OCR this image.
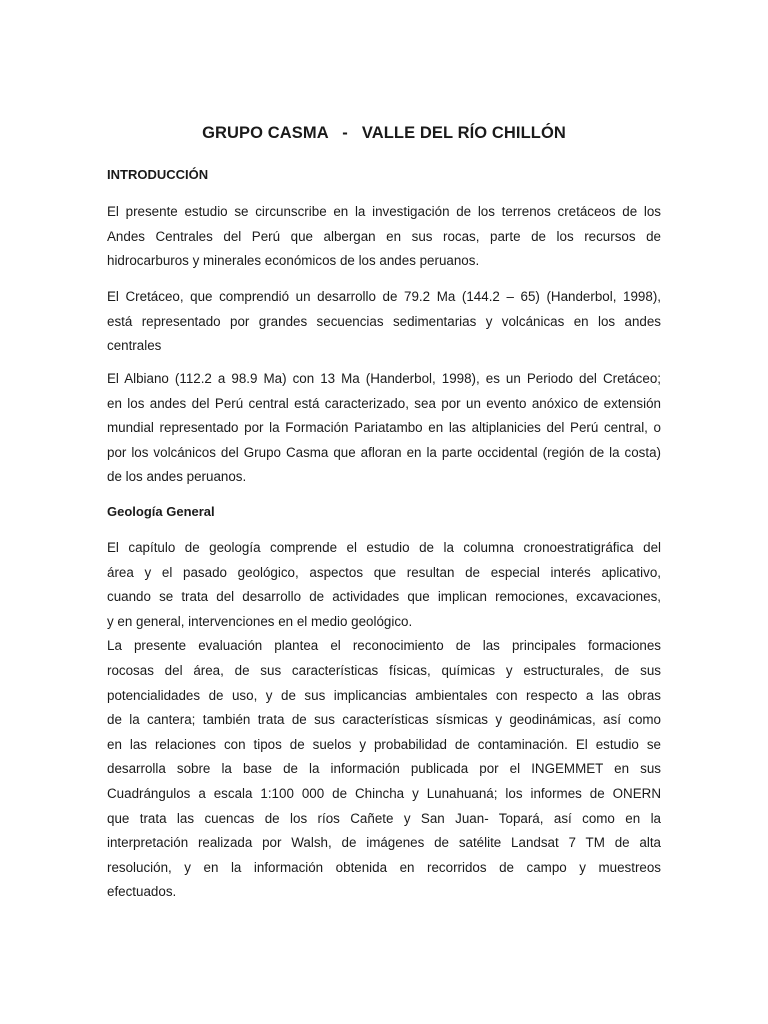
GRUPO CASMA   -   VALLE DEL RÍO CHILLÓN
INTRODUCCIÓN

El presente estudio se circunscribe en la investigación de los terrenos cretáceos de los
Andes Centrales del Perú que albergan en sus rocas, parte de los recursos de
hidrocarburos y minerales económicos de los andes peruanos.

El Cretáceo, que comprendió un desarrollo de 79.2 Ma (144.2 – 65) (Handerbol, 1998),
está representado por grandes secuencias sedimentarias y volcánicas en los andes
centrales

El Albiano (112.2 a 98.9 Ma) con 13 Ma (Handerbol, 1998), es un Periodo del Cretáceo;
en los andes del Perú central está caracterizado, sea por un evento anóxico de extensión
mundial representado por la Formación Pariatambo en las altiplanicies del Perú central, o
por los volcánicos del Grupo Casma que afloran en la parte occidental (región de la costa)
de los andes peruanos.

Geología General

El capítulo de geología comprende el estudio de la columna cronoestratigráfica del
área y el pasado geológico, aspectos que resultan de especial interés aplicativo,
cuando se trata del desarrollo de actividades que implican remociones, excavaciones,
y en general, intervenciones en el medio geológico.
La presente evaluación plantea el reconocimiento de las principales formaciones
rocosas del área, de sus características físicas, químicas y estructurales, de sus
potencialidades de uso, y de sus implicancias ambientales con respecto a las obras
de la cantera; también trata de sus características sísmicas y geodinámicas, así como
en las relaciones con tipos de suelos y probabilidad de contaminación. El estudio se
desarrolla sobre la base de la información publicada por el INGEMMET en sus
Cuadrángulos a escala 1:100 000 de Chincha y Lunahuaná; los informes de ONERN
que trata las cuencas de los ríos Cañete y San Juan- Topará, así como en la
interpretación realizada por Walsh, de imágenes de satélite Landsat 7 TM de alta
resolución, y en la información obtenida en recorridos de campo y muestreos
efectuados.
